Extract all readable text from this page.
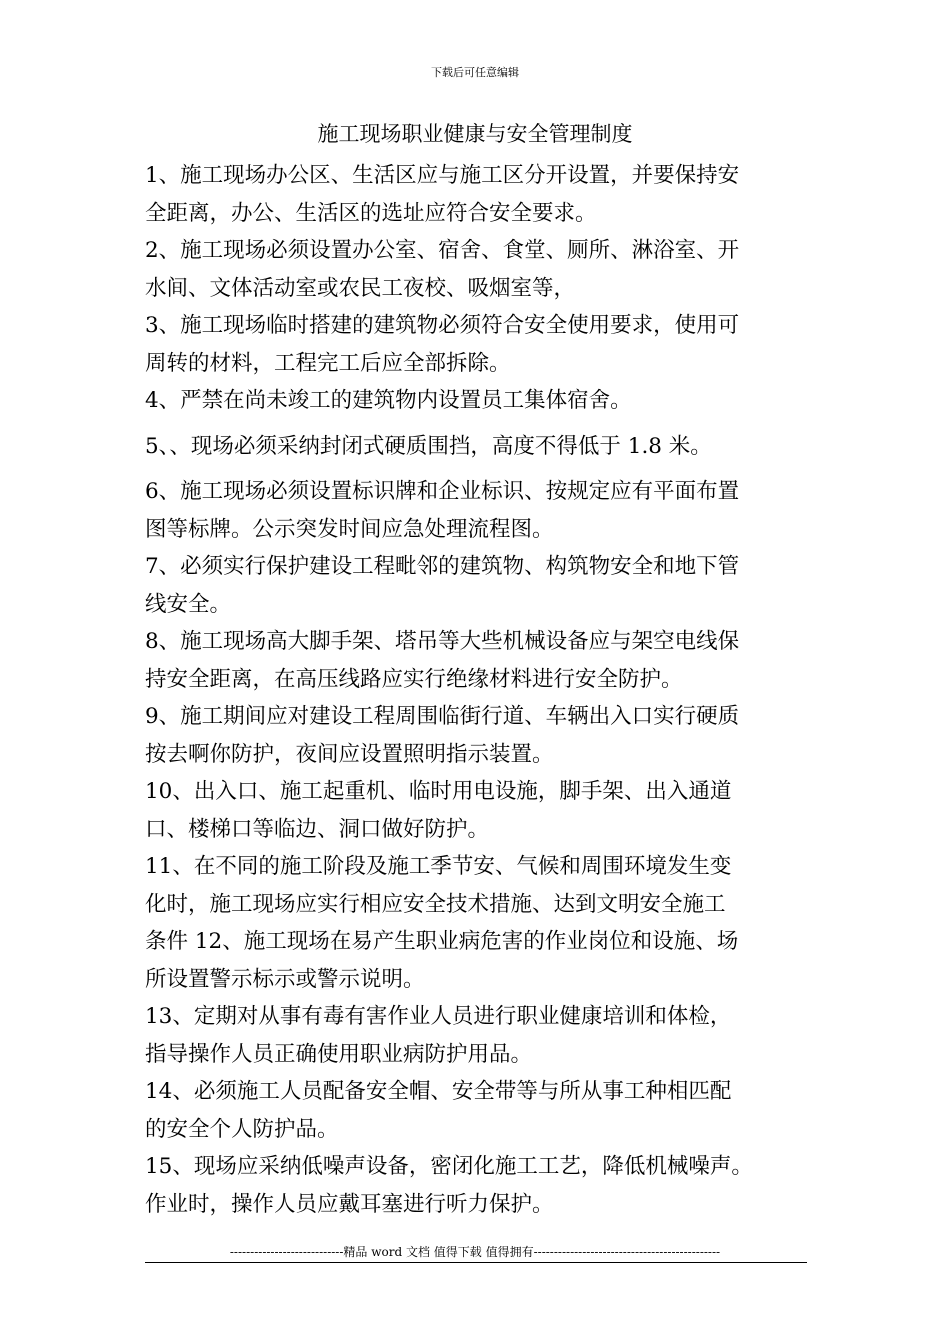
下载后可任意编辑
施工现场职业健康与安全管理制度

1、施工现场办公区、生活区应与施工区分开设置，并要保持安

全距离，办公、生活区的选址应符合安全要求。

2、施工现场必须设置办公室、宿舍、食堂、厕所、淋浴室、开

水间、文体活动室或农民工夜校、吸烟室等，

3、施工现场临时搭建的建筑物必须符合安全使用要求，使用可

周转的材料，工程完工后应全部拆除。

4、严禁在尚未竣工的建筑物内设置员工集体宿舍。

5、、现场必须采纳封闭式硬质围挡，高度不得低于 1.8 米。

6、施工现场必须设置标识牌和企业标识、按规定应有平面布置

图等标牌。公示突发时间应急处理流程图。

7、必须实行保护建设工程毗邻的建筑物、构筑物安全和地下管

线安全。

8、施工现场高大脚手架、塔吊等大些机械设备应与架空电线保

持安全距离，在高压线路应实行绝缘材料进行安全防护。

9、施工期间应对建设工程周围临街行道、车辆出入口实行硬质

按去啊你防护，夜间应设置照明指示装置。

10、出入口、施工起重机、临时用电设施，脚手架、出入通道

口、楼梯口等临边、洞口做好防护。

11、在不同的施工阶段及施工季节安、气候和周围环境发生变

化时，施工现场应实行相应安全技术措施、达到文明安全施工

条件 12、施工现场在易产生职业病危害的作业岗位和设施、场

所设置警示标示或警示说明。

13、定期对从事有毒有害作业人员进行职业健康培训和体检，

指导操作人员正确使用职业病防护用品。

14、必须施工人员配备安全帽、安全带等与所从事工种相匹配

的安全个人防护品。

15、现场应采纳低噪声设备，密闭化施工工艺，降低机械噪声。

作业时，操作人员应戴耳塞进行听力保护。

----------------------------精品 word 文档 值得下载 值得拥有----------------------------------------------
